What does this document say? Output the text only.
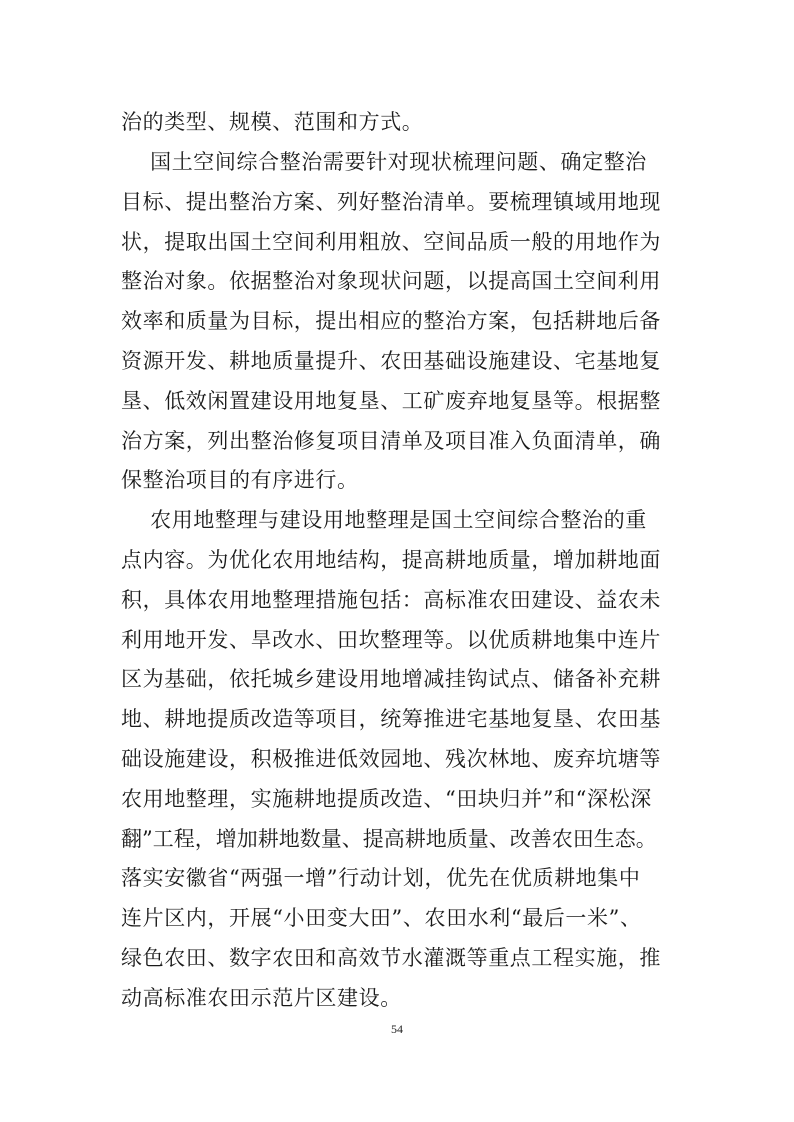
治的类型、规模、范围和方式。

国土空间综合整治需要针对现状梳理问题、确定整治

目标、提出整治方案、列好整治清单。要梳理镇域用地现

状，提取出国土空间利用粗放、空间品质一般的用地作为

整治对象。依据整治对象现状问题，以提高国土空间利用

效率和质量为目标，提出相应的整治方案，包括耕地后备

资源开发、耕地质量提升、农田基础设施建设、宅基地复

垦、低效闲置建设用地复垦、工矿废弃地复垦等。根据整

治方案，列出整治修复项目清单及项目准入负面清单，确

保整治项目的有序进行。

农用地整理与建设用地整理是国土空间综合整治的重

点内容。为优化农用地结构，提高耕地质量，增加耕地面

积，具体农用地整理措施包括：高标准农田建设、益农未

利用地开发、旱改水、田坎整理等。以优质耕地集中连片

区为基础，依托城乡建设用地增减挂钩试点、储备补充耕

地、耕地提质改造等项目，统筹推进宅基地复垦、农田基

础设施建设，积极推进低效园地、残次林地、废弃坑塘等

农用地整理，实施耕地提质改造、“田块归并”和“深松深

翻”工程，增加耕地数量、提高耕地质量、改善农田生态。

落实安徽省“两强一增”行动计划，优先在优质耕地集中

连片区内，开展“小田变大田”、农田水利“最后一米”、

绿色农田、数字农田和高效节水灌溉等重点工程实施，推

动高标准农田示范片区建设。

54
